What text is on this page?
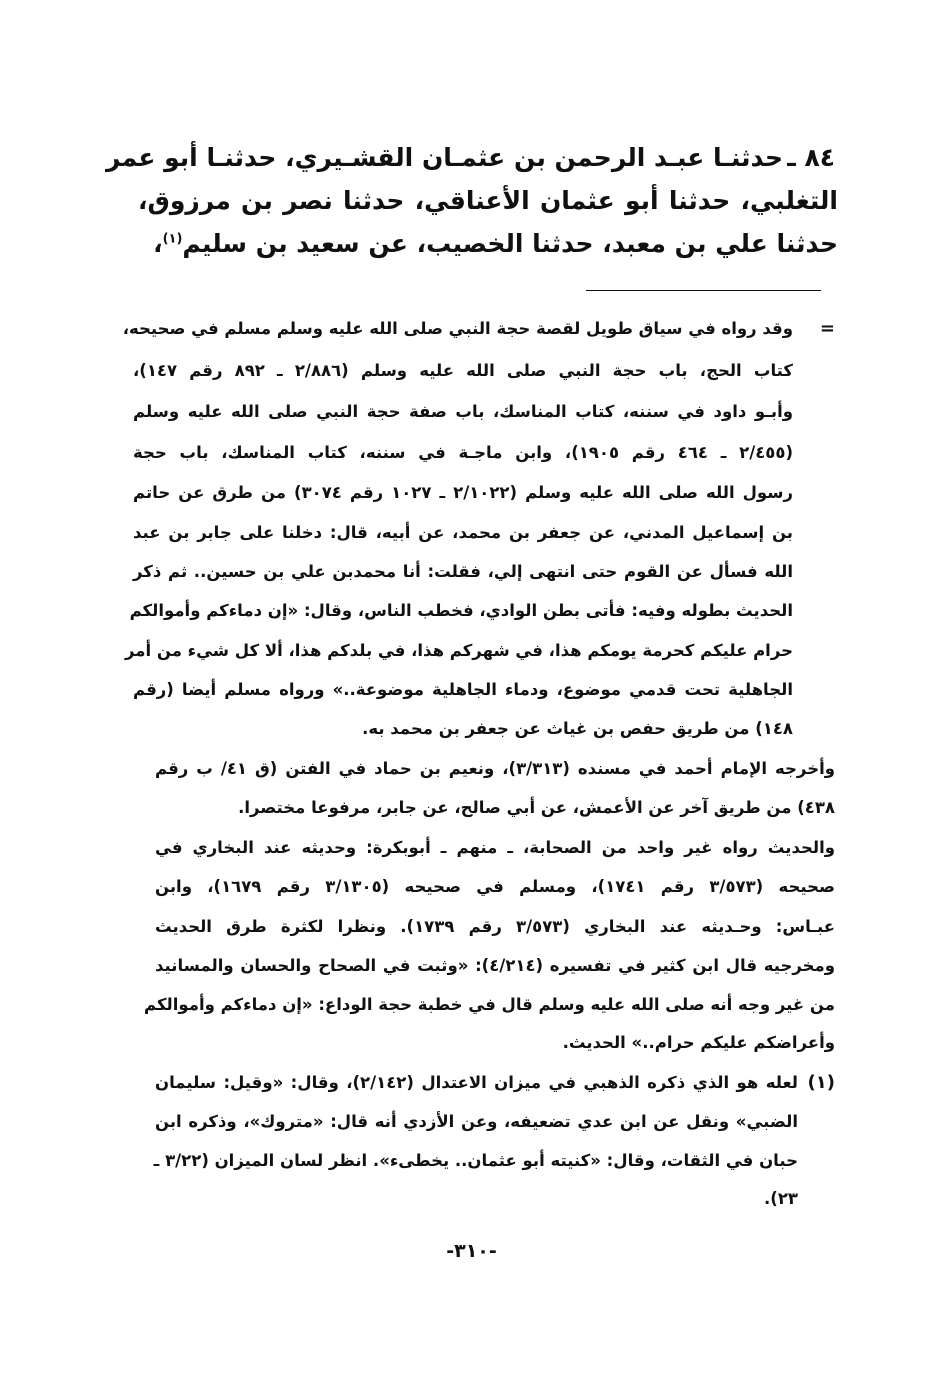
٨٤ ـ
حدثنـا عبـد الرحمن بن عثمـان القشـيري، حدثنـا أبو عمر
التغلبي، حدثنا أبو عثمان الأعناقي، حدثنا نصر بن مرزوق،
حدثنا علي بن معبد، حدثنا الخصيب، عن سعيد بن سليم$^{(١)}$،
=
وقد رواه في سياق طويل لقصة حجة النبي صلى الله عليه وسلم مسلم في صحيحه،
كتاب الحج، باب حجة النبي صلى الله عليه وسلم (٢/٨٨٦ ـ ٨٩٢ رقم ١٤٧)،
وأبـو داود في سننه، كتاب المناسك، باب صفة حجة النبي صلى الله عليه وسلم
(٢/٤٥٥ ـ ٤٦٤ رقم ١٩٠٥)، وابن ماجـة في سننه، كتاب المناسك، باب حجة
رسول الله صلى الله عليه وسلم (٢/١٠٢٢ ـ ١٠٢٧ رقم ٣٠٧٤) من طرق عن حاتم
بن إسماعيل المدني، عن جعفر بن محمد، عن أبيه، قال: دخلنا على جابر بن عبد
الله فسأل عن القوم حتى انتهى إلي، فقلت: أنا محمدبن علي بن حسين.. ثم ذكر
الحديث بطوله وفيه: فأتى بطن الوادي، فخطب الناس، وقال: «إن دماءكم وأموالكم
حرام عليكم كحرمة يومكم هذا، في شهركم هذا، في بلدكم هذا، ألا كل شيء من أمر
الجاهلية تحت قدمي موضوع، ودماء الجاهلية موضوعة..» ورواه مسلم أيضا (رقم
١٤٨) من طريق حفص بن غياث عن جعفر بن محمد به.
وأخرجه الإمام أحمد في مسنده (٣/٣١٣)، ونعيم بن حماد في الفتن (ق ٤١/ ب رقم
٤٣٨) من طريق آخر عن الأعمش، عن أبي صالح، عن جابر، مرفوعا مختصرا.
والحديث رواه غير واحد من الصحابة، ـ منهم ـ أبوبكرة: وحديثه عند البخاري في
صحيحه (٣/٥٧٣ رقم ١٧٤١)، ومسلم في صحيحه (٣/١٣٠٥ رقم ١٦٧٩)، وابن
عبـاس: وحـديثه عند البخاري (٣/٥٧٣ رقم ١٧٣٩). ونظرا لكثرة طرق الحديث
ومخرجيه قال ابن كثير في تفسيره (٤/٢١٤): «وثبت في الصحاح والحسان والمسانيد
من غير وجه أنه صلى الله عليه وسلم قال في خطبة حجة الوداع: «إن دماءكم وأموالكم
وأعراضكم عليكم حرام..» الحديث.
(١)
لعله هو الذي ذكره الذهبي في ميزان الاعتدال (٢/١٤٢)، وقال: «وقيل: سليمان
الضبي» ونقل عن ابن عدي تضعيفه، وعن الأزدي أنه قال: «متروك»، وذكره ابن
حبان في الثقات، وقال: «كنيته أبو عثمان.. يخطىء». انظر لسان الميزان (٣/٢٢ ـ
٢٣).
-٣١٠-
